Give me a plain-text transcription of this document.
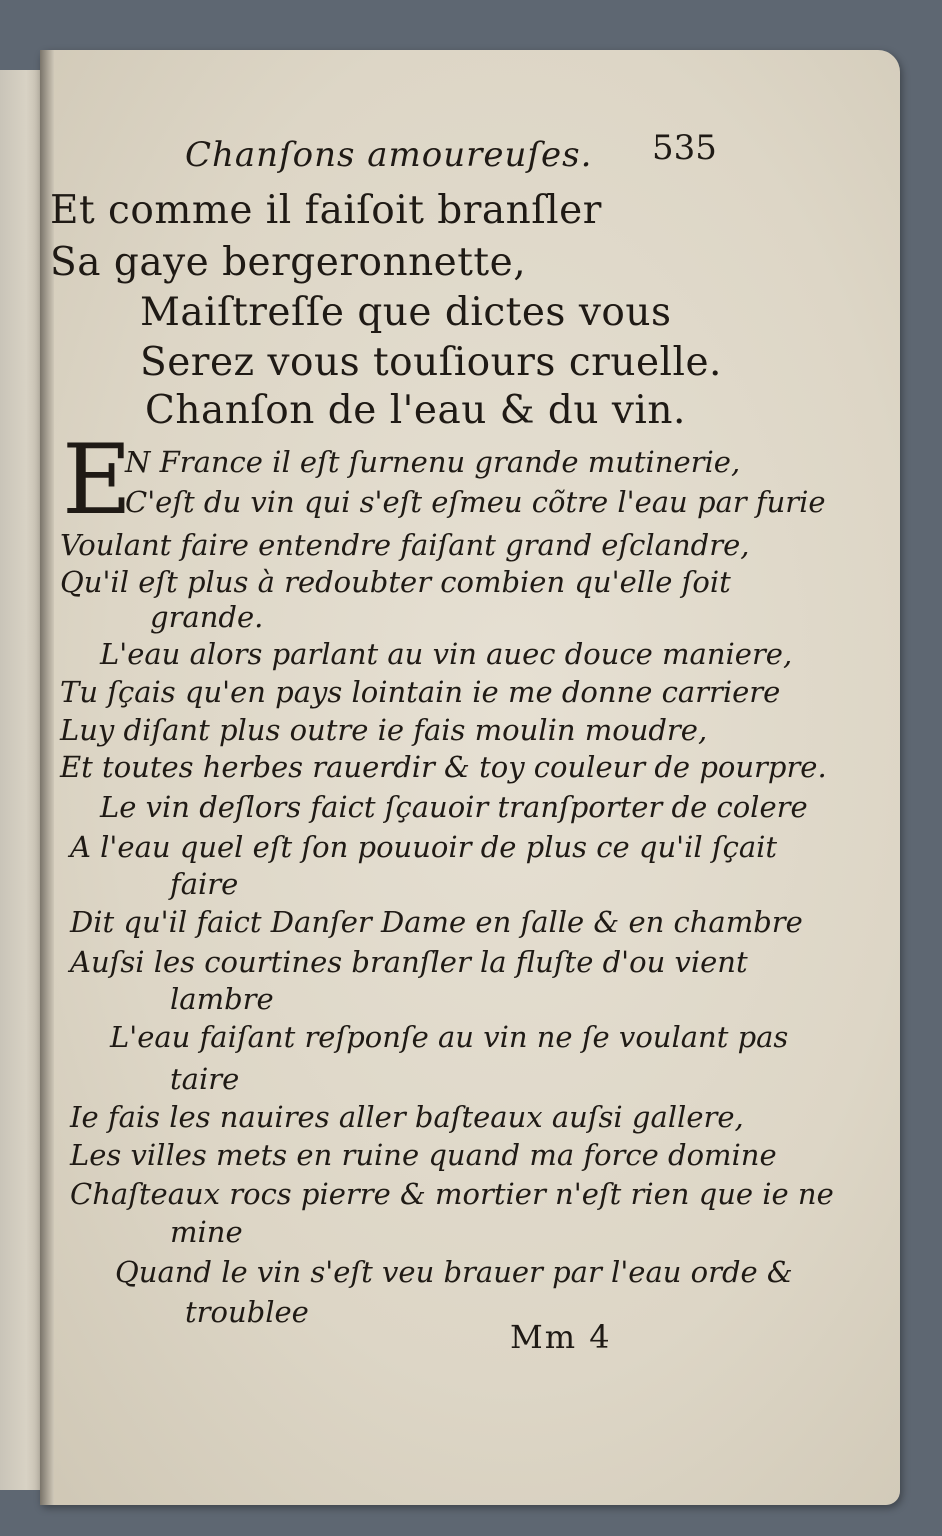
Chanſons amoureuſes. 535
Et comme il faiſoit branſler
Sa gaye bergeronnette,
Maiſtreſſe que dictes vous
Serez vous touſiours cruelle.
Chanſon de l'eau & du vin.
E
N France il eſt ſurnenu grande mutinerie,
C'eſt du vin qui s'eſt eſmeu cõtre l'eau par furie
Voulant faire entendre faiſant grand eſclandre,
Qu'il eſt plus à redoubter combien qu'elle ſoit
grande.
L'eau alors parlant au vin auec douce maniere,
Tu ſçais qu'en pays lointain ie me donne carriere
Luy diſant plus outre ie fais moulin moudre,
Et toutes herbes rauerdir & toy couleur de pourpre.
Le vin deſlors faict ſçauoir tranſporter de colere
A l'eau quel eſt ſon pouuoir de plus ce qu'il ſçait
faire
Dit qu'il faict Danſer Dame en ſalle & en chambre
Auſsi les courtines branſler la fluſte d'ou vient
lambre
L'eau faiſant reſponſe au vin ne ſe voulant pas
taire
Ie fais les nauires aller baſteaux auſsi gallere,
Les villes mets en ruine quand ma force domine
Chaſteaux rocs pierre & mortier n'eſt rien que ie ne
mine
Quand le vin s'eſt veu brauer par l'eau orde &
troublee
Mm 4
